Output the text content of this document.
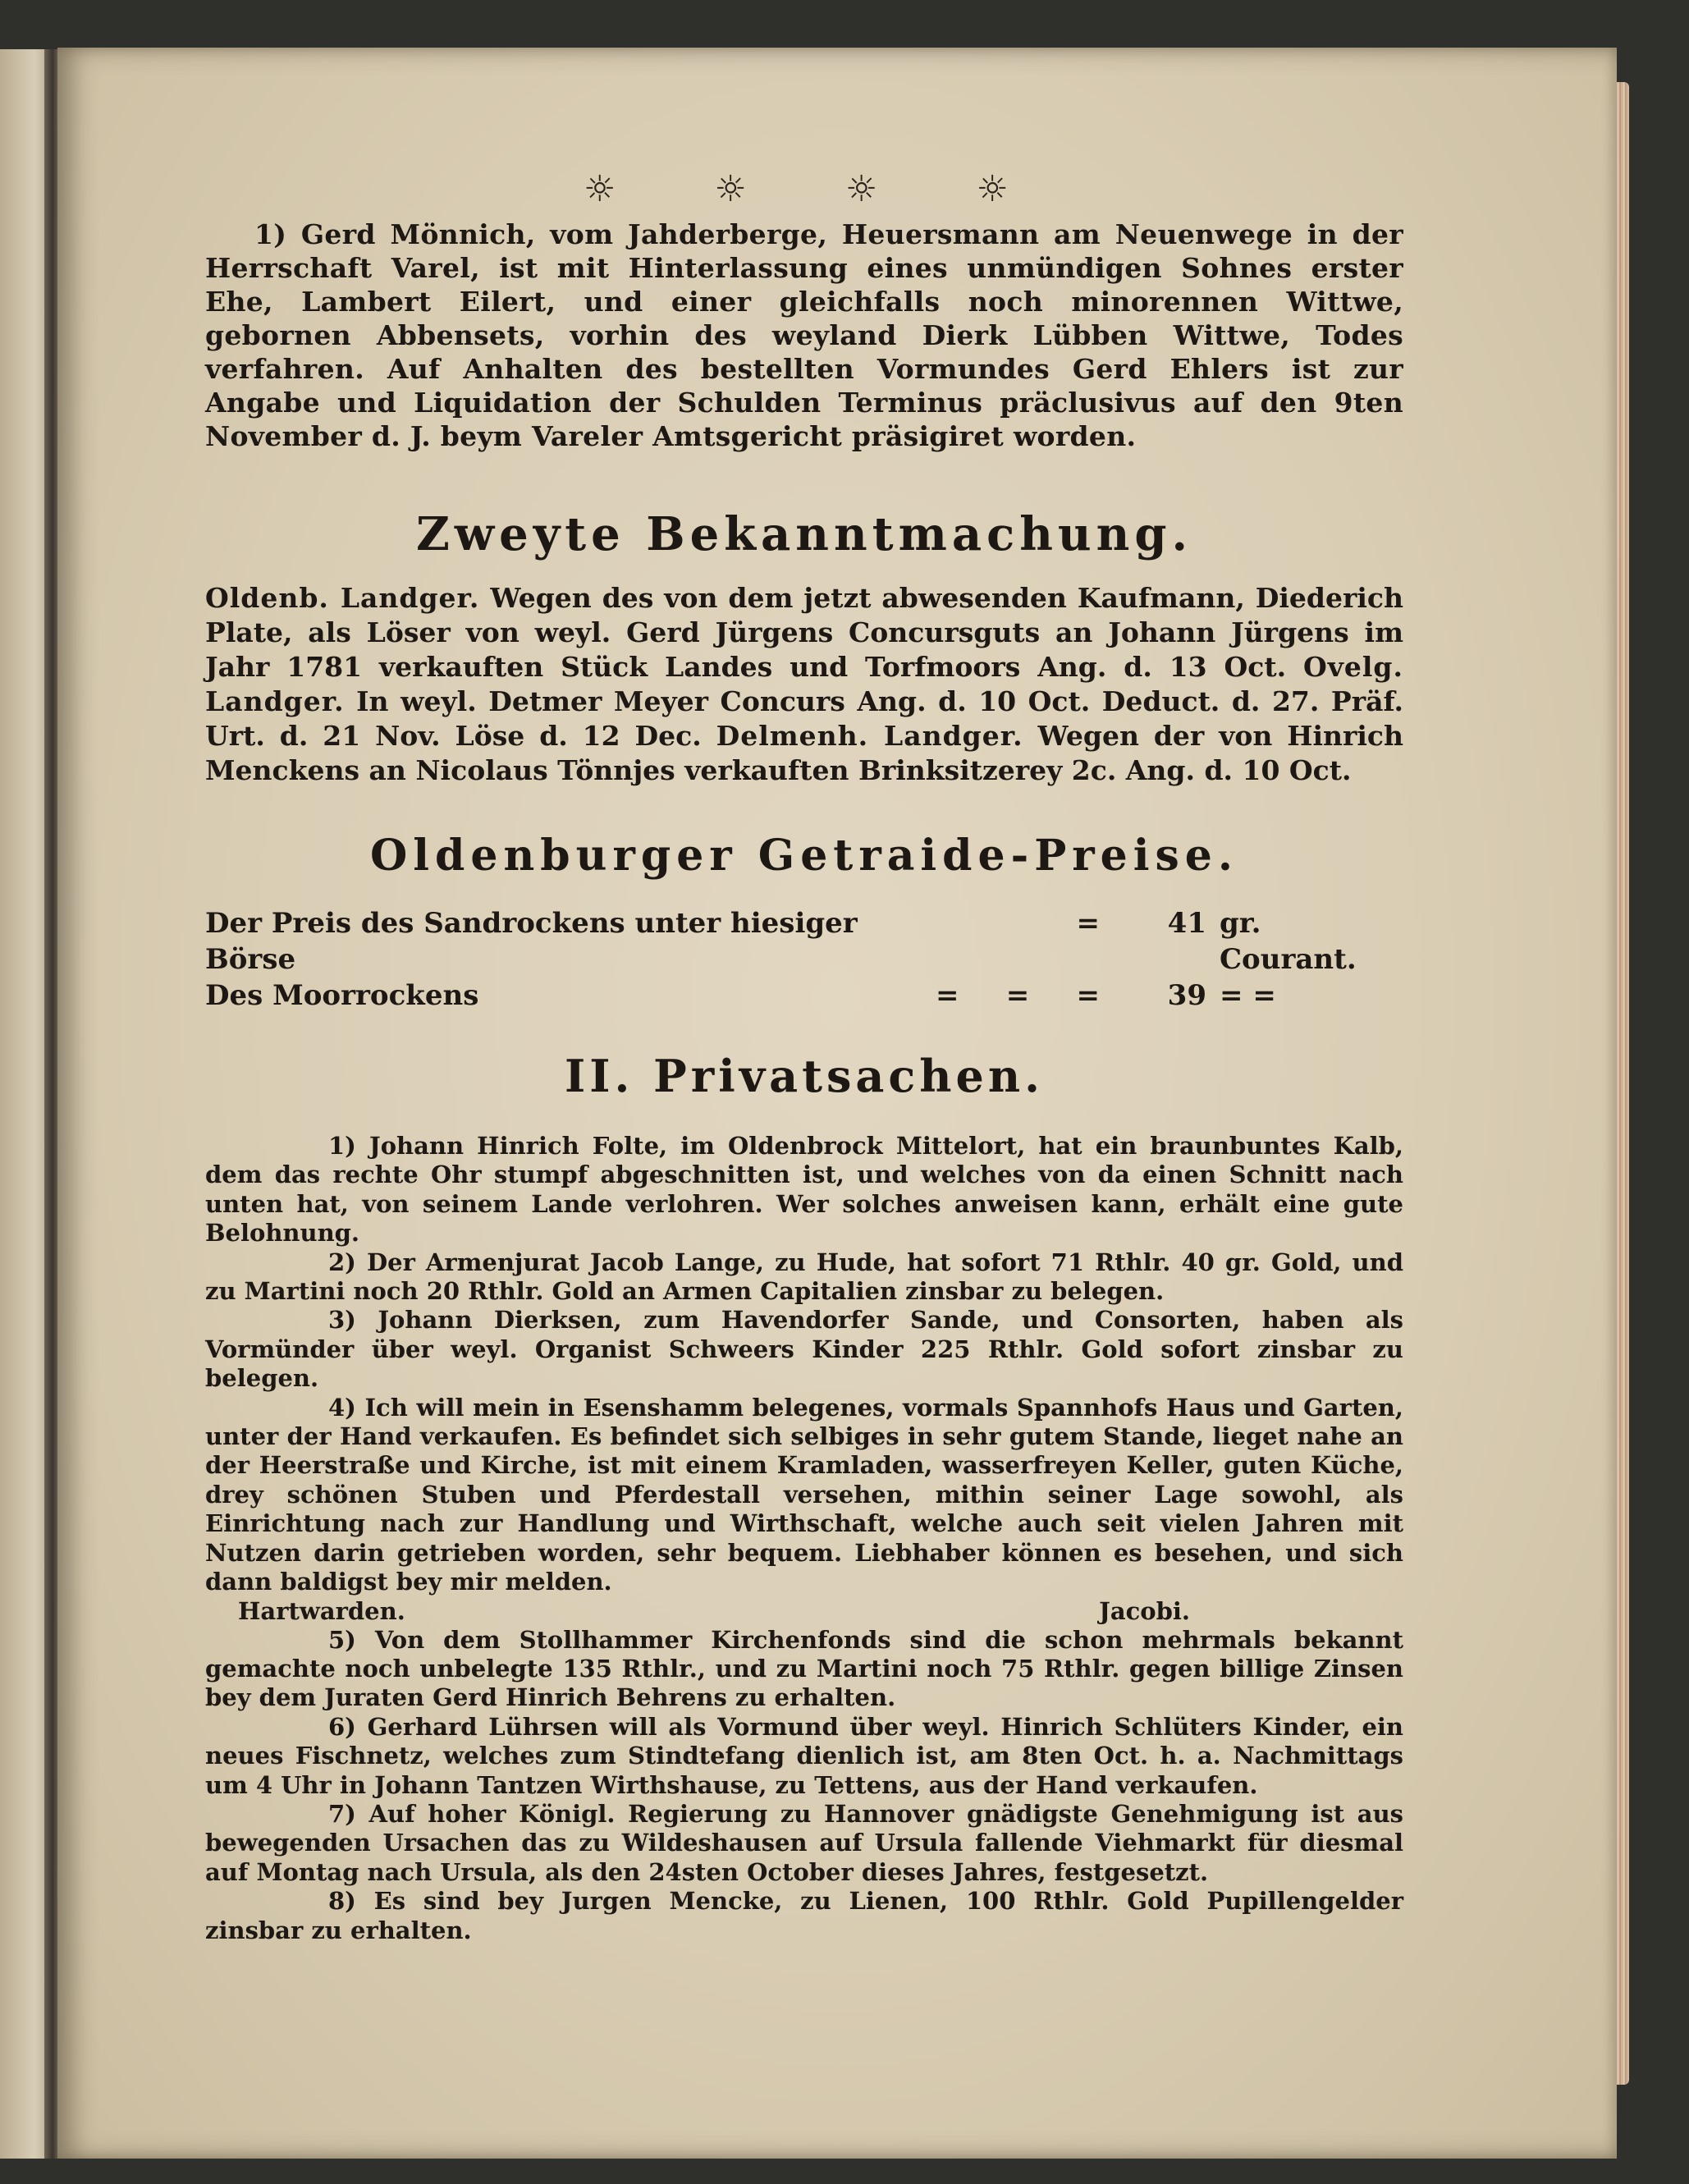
☼	☼	☼	☼

1) Gerd Mönnich, vom Jahderberge, Heuersmann am Neuenwege in der Herrschaft Varel, ist mit Hinterlassung eines unmündigen Sohnes erster Ehe, Lambert Eilert, und einer gleichfalls noch minorennen Wittwe, gebornen Abbensets, vorhin des weyland Dierk Lübben Wittwe, Todes verfahren. Auf Anhalten des bestellten Vormundes Gerd Ehlers ist zur Angabe und Liquidation der Schulden Terminus präclusivus auf den 9ten November d. J. beym Vareler Amtsgericht präsigiret worden.

Zweyte Bekanntmachung.
Oldenb. Landger. Wegen des von dem jetzt abwesenden Kaufmann, Diederich Plate, als Löser von weyl. Gerd Jürgens Concursguts an Johann Jürgens im Jahr 1781 verkauften Stück Landes und Torfmoors Ang. d. 13 Oct. Ovelg. Landger. In weyl. Detmer Meyer Concurs Ang. d. 10 Oct. Deduct. d. 27. Präf. Urt. d. 21 Nov. Löse d. 12 Dec. Delmenh. Landger. Wegen der von Hinrich Menckens an Nicolaus Tönnjes verkauften Brinksitzerey 2c. Ang. d. 10 Oct.
Oldenburger Getraide-Preise.
Der Preis des Sandrockens unter hiesiger Börse
=	41 gr. Courant.
Des Moorrockens	= = =	39 = =
II. Privatsachen.

1) Johann Hinrich Folte, im Oldenbrock Mittelort, hat ein braunbuntes Kalb, dem das rechte Ohr stumpf abgeschnitten ist, und welches von da einen Schnitt nach unten hat, von seinem Lande verlohren. Wer solches anweisen kann, erhält eine gute Belohnung.

2) Der Armenjurat Jacob Lange, zu Hude, hat sofort 71 Rthlr. 40 gr. Gold, und zu Martini noch 20 Rthlr. Gold an Armen Capitalien zinsbar zu belegen.

3) Johann Dierksen, zum Havendorfer Sande, und Consorten, haben als Vormünder über weyl. Organist Schweers Kinder 225 Rthlr. Gold sofort zinsbar zu belegen.

4) Ich will mein in Esenshamm belegenes, vormals Spannhofs Haus und Garten, unter der Hand verkaufen. Es befindet sich selbiges in sehr gutem Stande, lieget nahe an der Heerstraße und Kirche, ist mit einem Kramladen, wasserfreyen Keller, guten Küche, drey schönen Stuben und Pferdestall versehen, mithin seiner Lage sowohl, als Einrichtung nach zur Handlung und Wirthschaft, welche auch seit vielen Jahren mit Nutzen darin getrieben worden, sehr bequem. Liebhaber können es besehen, und sich dann baldigst bey mir melden.

Hartwarden.	Jacobi.

5) Von dem Stollhammer Kirchenfonds sind die schon mehrmals bekannt gemachte noch unbelegte 135 Rthlr., und zu Martini noch 75 Rthlr. gegen billige Zinsen bey dem Juraten Gerd Hinrich Behrens zu erhalten.

6) Gerhard Lührsen will als Vormund über weyl. Hinrich Schlüters Kinder, ein neues Fischnetz, welches zum Stindtefang dienlich ist, am 8ten Oct. h. a. Nachmittags um 4 Uhr in Johann Tantzen Wirthshause, zu Tettens, aus der Hand verkaufen.

7) Auf hoher Königl. Regierung zu Hannover gnädigste Genehmigung ist aus bewegenden Ursachen das zu Wildeshausen auf Ursula fallende Viehmarkt für diesmal auf Montag nach Ursula, als den 24sten October dieses Jahres, festgesetzt.

8) Es sind bey Jurgen Mencke, zu Lienen, 100 Rthlr. Gold Pupillengelder zinsbar zu erhalten.
